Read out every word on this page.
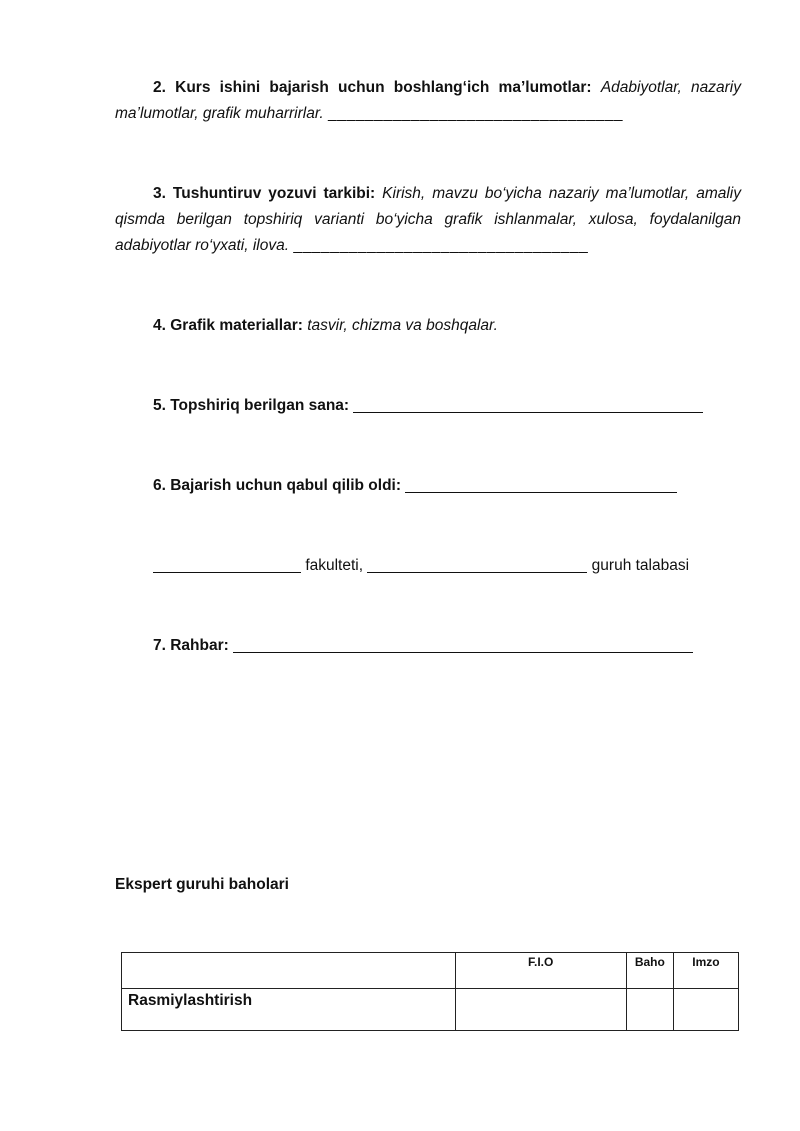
2. Kurs ishini bajarish uchun boshlang‘ich ma’lumotlar: Adabiyotlar, nazariy ma’lumotlar, grafik muharrirlar. ________________________________
3. Tushuntiruv yozuvi tarkibi: Kirish, mavzu bo‘yicha nazariy ma’lumotlar, amaliy qismda berilgan topshiriq varianti bo‘yicha grafik ishlanmalar, xulosa, foydalanilgan adabiyotlar ro‘yxati, ilova. ________________________________
4. Grafik materiallar: tasvir, chizma va boshqalar.
5. Topshiriq berilgan sana:
6. Bajarish uchun qabul qilib oldi:
fakulteti,	guruh talabasi
7. Rahbar:
Ekspert guruhi baholari
	F.I.O	Baho	Imzo
Rasmiylashtirish			
